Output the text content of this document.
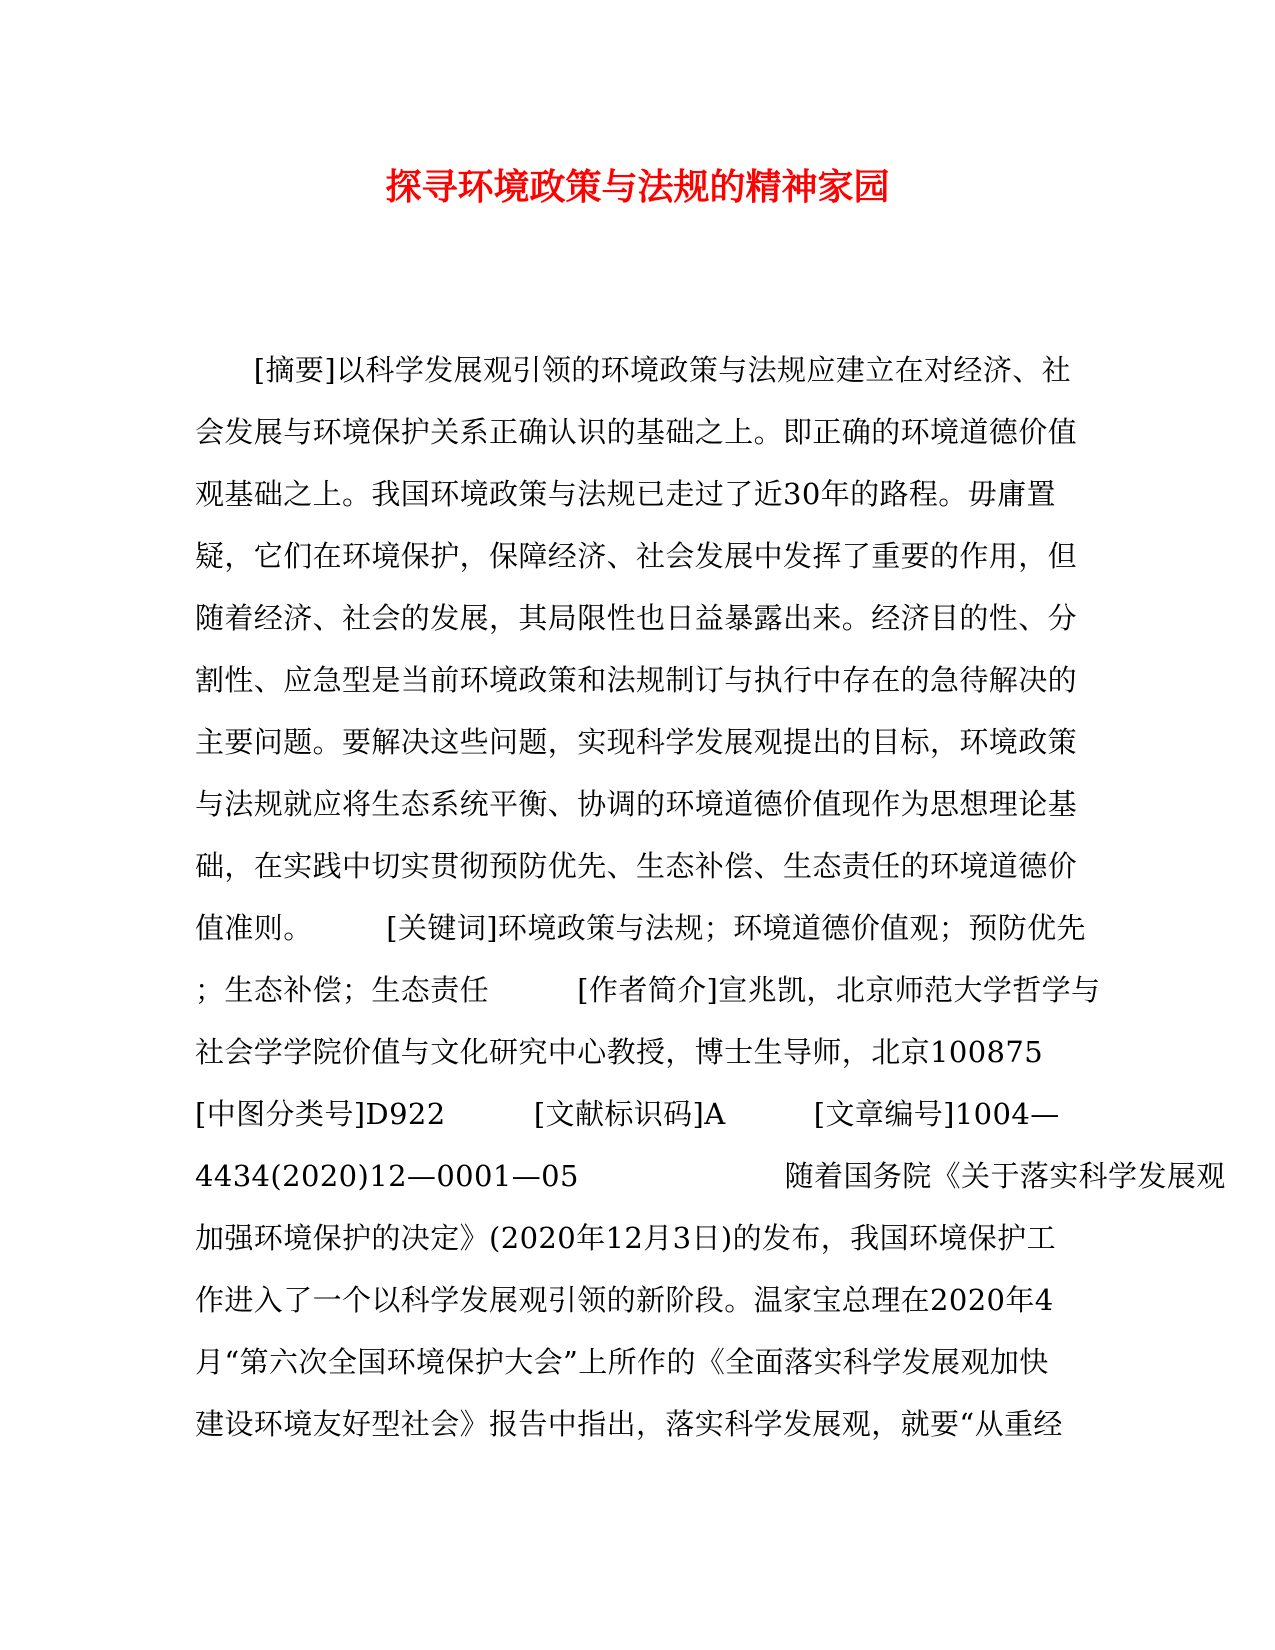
探寻环境政策与法规的精神家园
　　[摘要]以科学发展观引领的环境政策与法规应建立在对经济、社
会发展与环境保护关系正确认识的基础之上。即正确的环境道德价值
观基础之上。我国环境政策与法规已走过了近30年的路程。毋庸置
疑，它们在环境保护，保障经济、社会发展中发挥了重要的作用，但
随着经济、社会的发展，其局限性也日益暴露出来。经济目的性、分
割性、应急型是当前环境政策和法规制订与执行中存在的急待解决的
主要问题。要解决这些问题，实现科学发展观提出的目标，环境政策
与法规就应将生态系统平衡、协调的环境道德价值现作为思想理论基
础，在实践中切实贯彻预防优先、生态补偿、生态责任的环境道德价
值准则。　　　[关键词]环境政策与法规；环境道德价值观；预防优先
；生态补偿；生态责任　　　[作者简介]宣兆凯，北京师范大学哲学与
社会学学院价值与文化研究中心教授，博士生导师，北京100875
[中图分类号]D922　　　[文献标识码]A　　　[文章编号]1004—
4434(2020)12—0001—05　　　　　　　随着国务院《关于落实科学发展观
加强环境保护的决定》(2020年12月3日)的发布，我国环境保护工
作进入了一个以科学发展观引领的新阶段。温家宝总理在2020年4
月“第六次全国环境保护大会”上所作的《全面落实科学发展观加快
建设环境友好型社会》报告中指出，落实科学发展观，就要“从重经
